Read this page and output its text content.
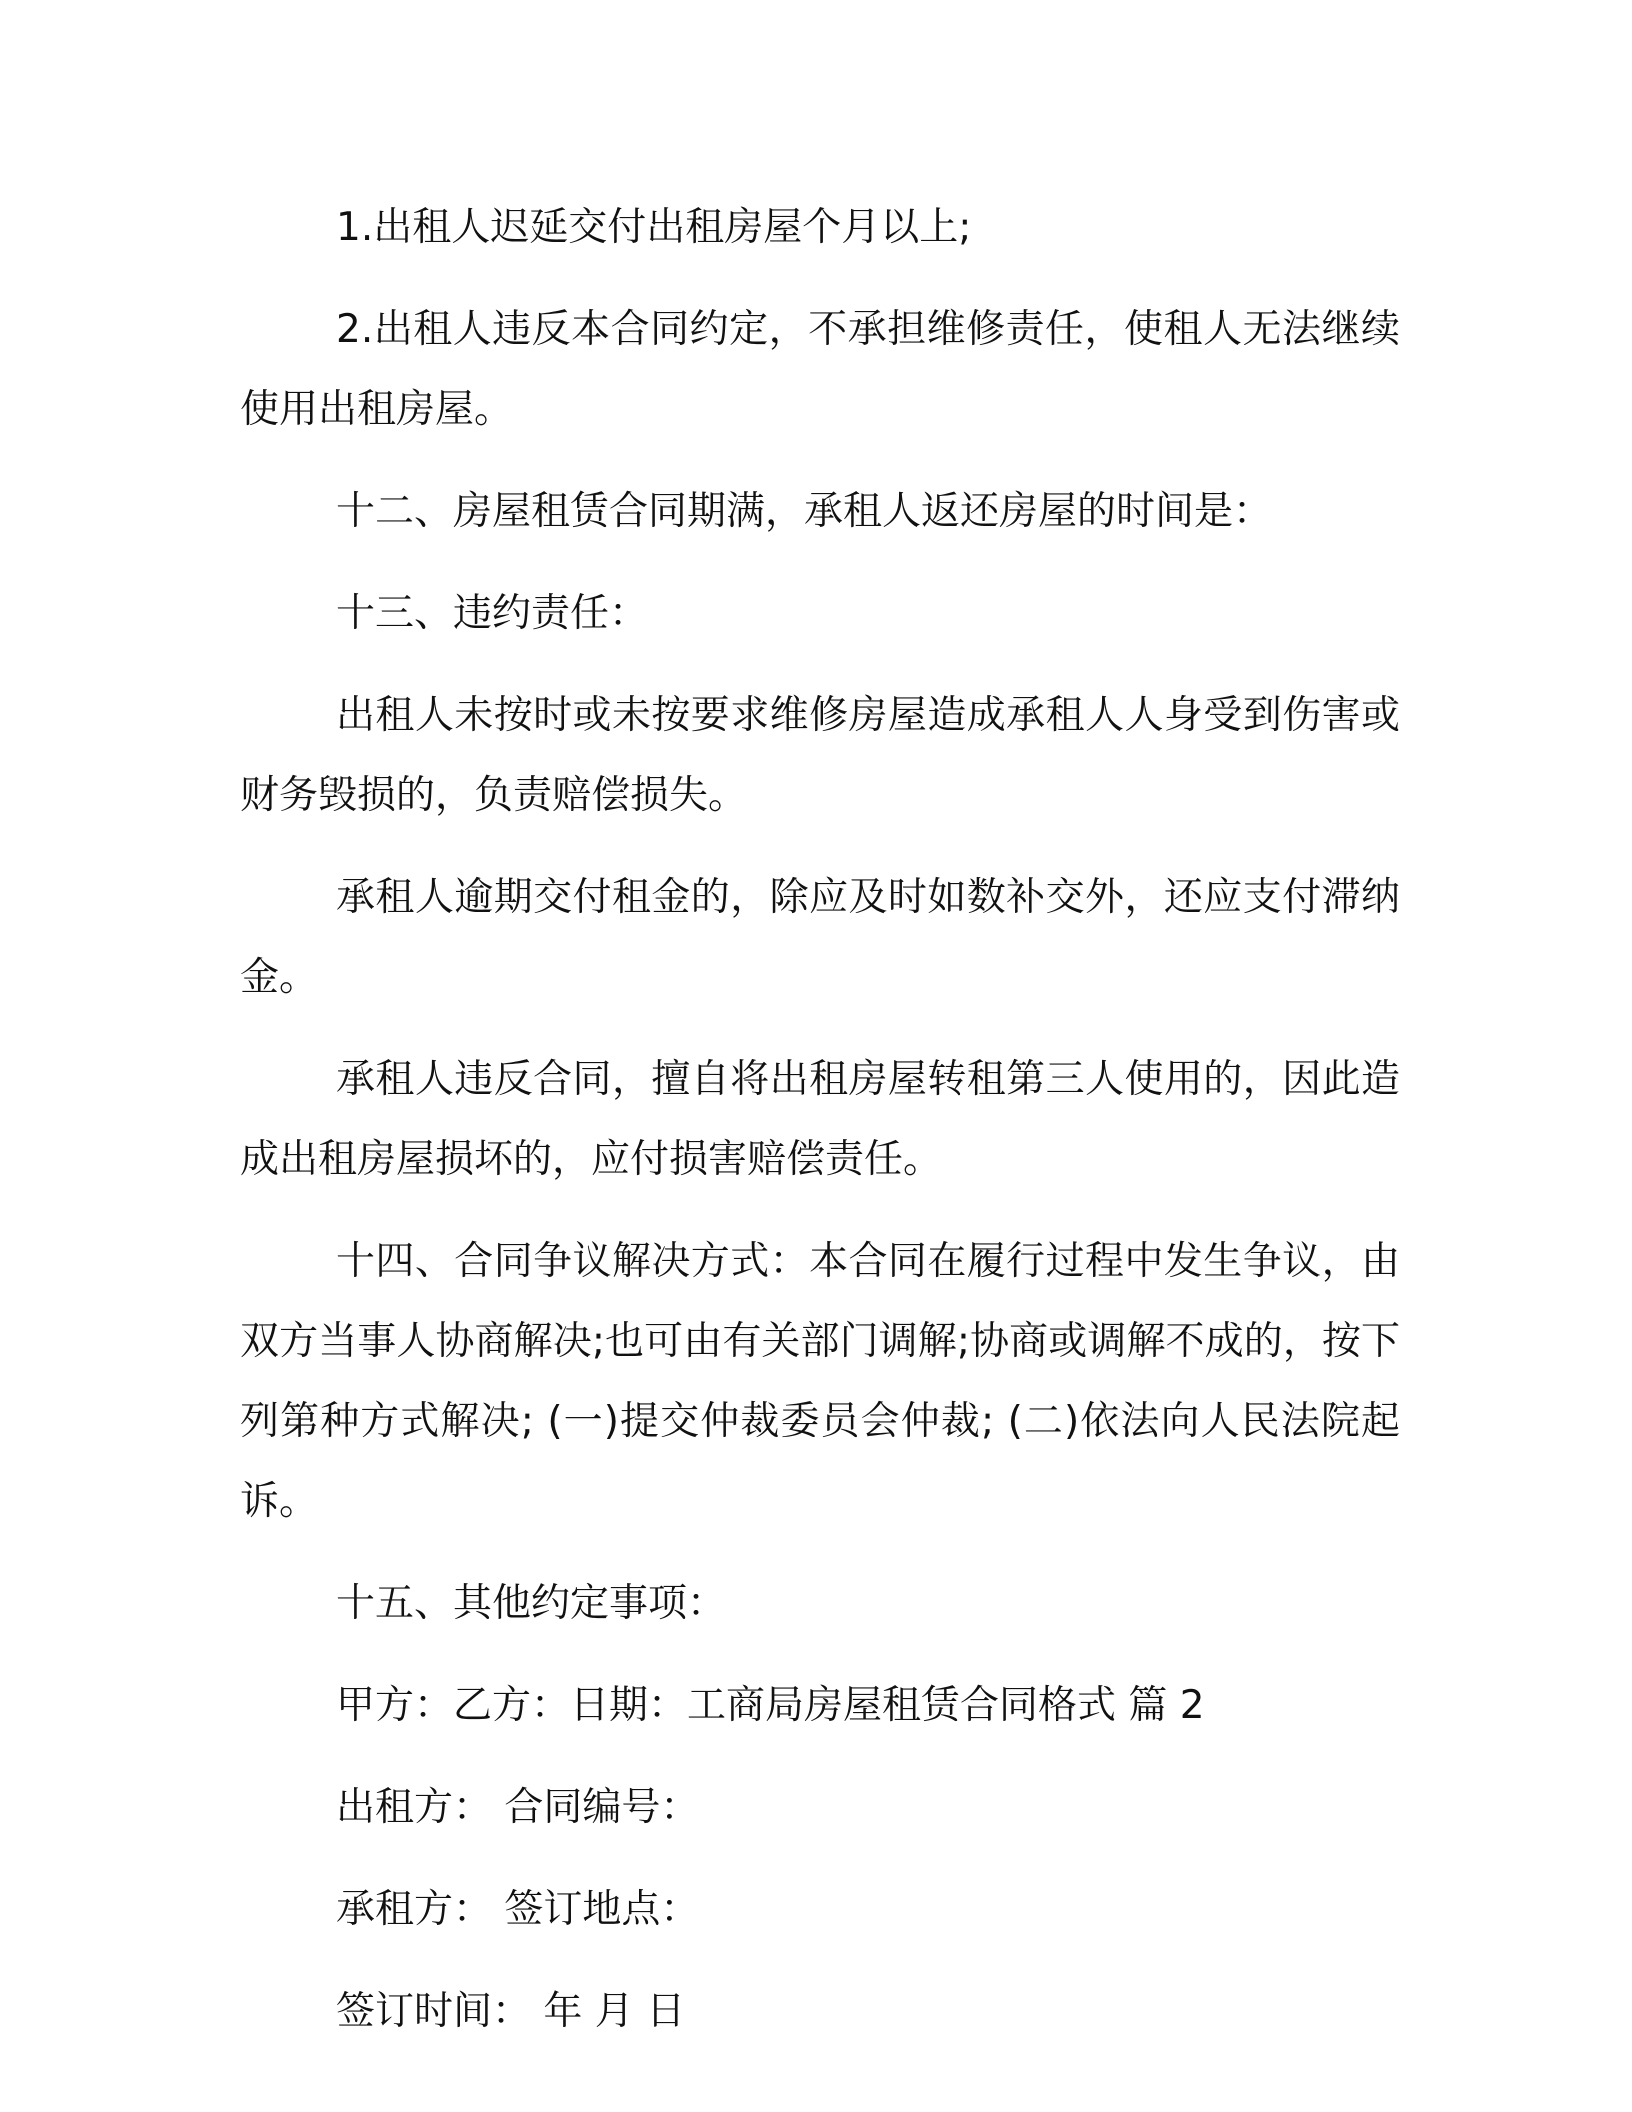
1.出租人迟延交付出租房屋个月以上;

2.出租人违反本合同约定，不承担维修责任，使租人无法继续使用出租房屋。

十二、房屋租赁合同期满，承租人返还房屋的时间是：

十三、违约责任：

出租人未按时或未按要求维修房屋造成承租人人身受到伤害或财务毁损的，负责赔偿损失。

承租人逾期交付租金的，除应及时如数补交外，还应支付滞纳金。

承租人违反合同，擅自将出租房屋转租第三人使用的，因此造成出租房屋损坏的，应付损害赔偿责任。

十四、合同争议解决方式：本合同在履行过程中发生争议，由双方当事人协商解决;也可由有关部门调解;协商或调解不成的，按下列第种方式解决; (一)提交仲裁委员会仲裁; (二)依法向人民法院起诉。

十五、其他约定事项：

甲方：乙方：日期：工商局房屋租赁合同格式 篇 2

出租方： 合同编号：

承租方： 签订地点：

签订时间： 年 月 日
